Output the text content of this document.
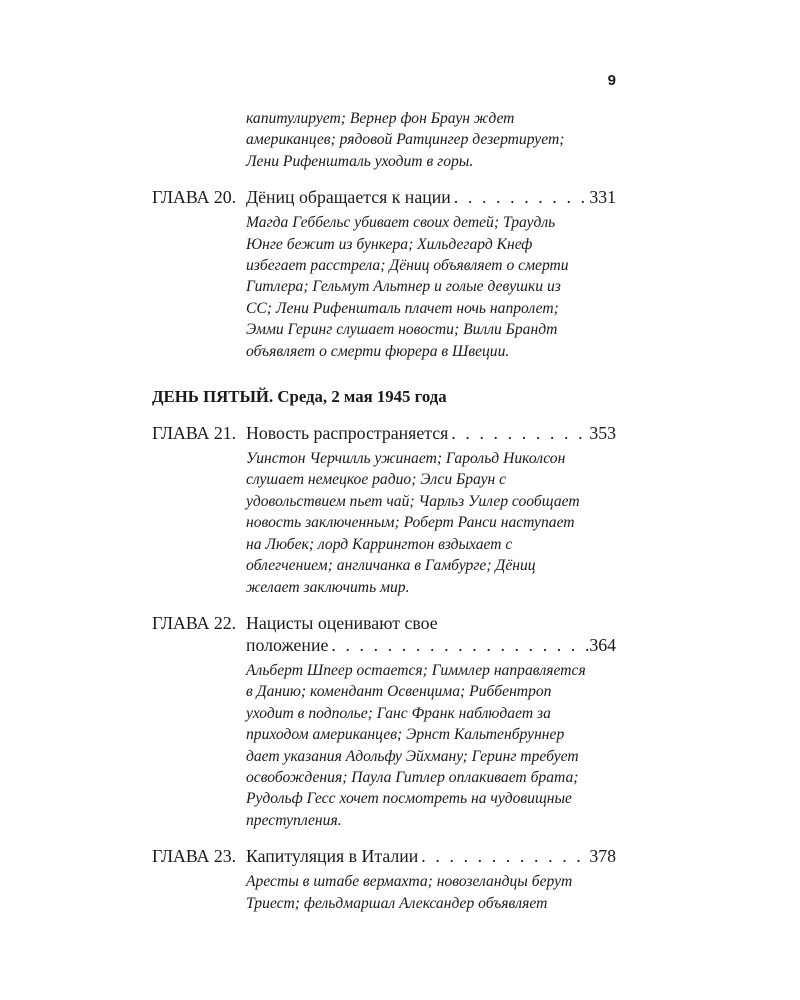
9
капитулирует; Вернер фон Браун ждет
американцев; рядовой Ратцингер дезертирует;
Лени Рифеншталь уходит в горы.
ГЛАВА 20. Дёниц обращается к нации . . .	331
Магда Геббельс убивает своих детей; Траудль
Юнге бежит из бункера; Хильдегард Кнеф
избегает расстрела; Дёниц объявляет о смерти
Гитлера; Гельмут Альтнер и голые девушки из
СС; Лени Рифеншталь плачет ночь напролет;
Эмми Геринг слушает новости; Вилли Брандт
объявляет о смерти фюрера в Швеции.
ДЕНЬ ПЯТЫЙ. Среда, 2 мая 1945 года
ГЛАВА 21. Новость распространяется . . .	353
Уинстон Черчилль ужинает; Гарольд Николсон
слушает немецкое радио; Элси Браун с
удовольствием пьет чай; Чарльз Уилер сообщает
новость заключенным; Роберт Ранси наступает
на Любек; лорд Каррингтон вздыхает с
облегчением; англичанка в Гамбурге; Дёниц
желает заключить мир.
ГЛАВА 22. Нацисты оценивают свое
положение . . .	364
Альберт Шпеер остается; Гиммлер направляется
в Данию; комендант Освенцима; Риббентроп
уходит в подполье; Ганс Франк наблюдает за
приходом американцев; Эрнст Кальтенбруннер
дает указания Адольфу Эйхману; Геринг требует
освобождения; Паула Гитлер оплакивает брата;
Рудольф Гесс хочет посмотреть на чудовищные
преступления.
ГЛАВА 23. Капитуляция в Италии . . .	378
Аресты в штабе вермахта; новозеландцы берут
Триест; фельдмаршал Александер объявляет
